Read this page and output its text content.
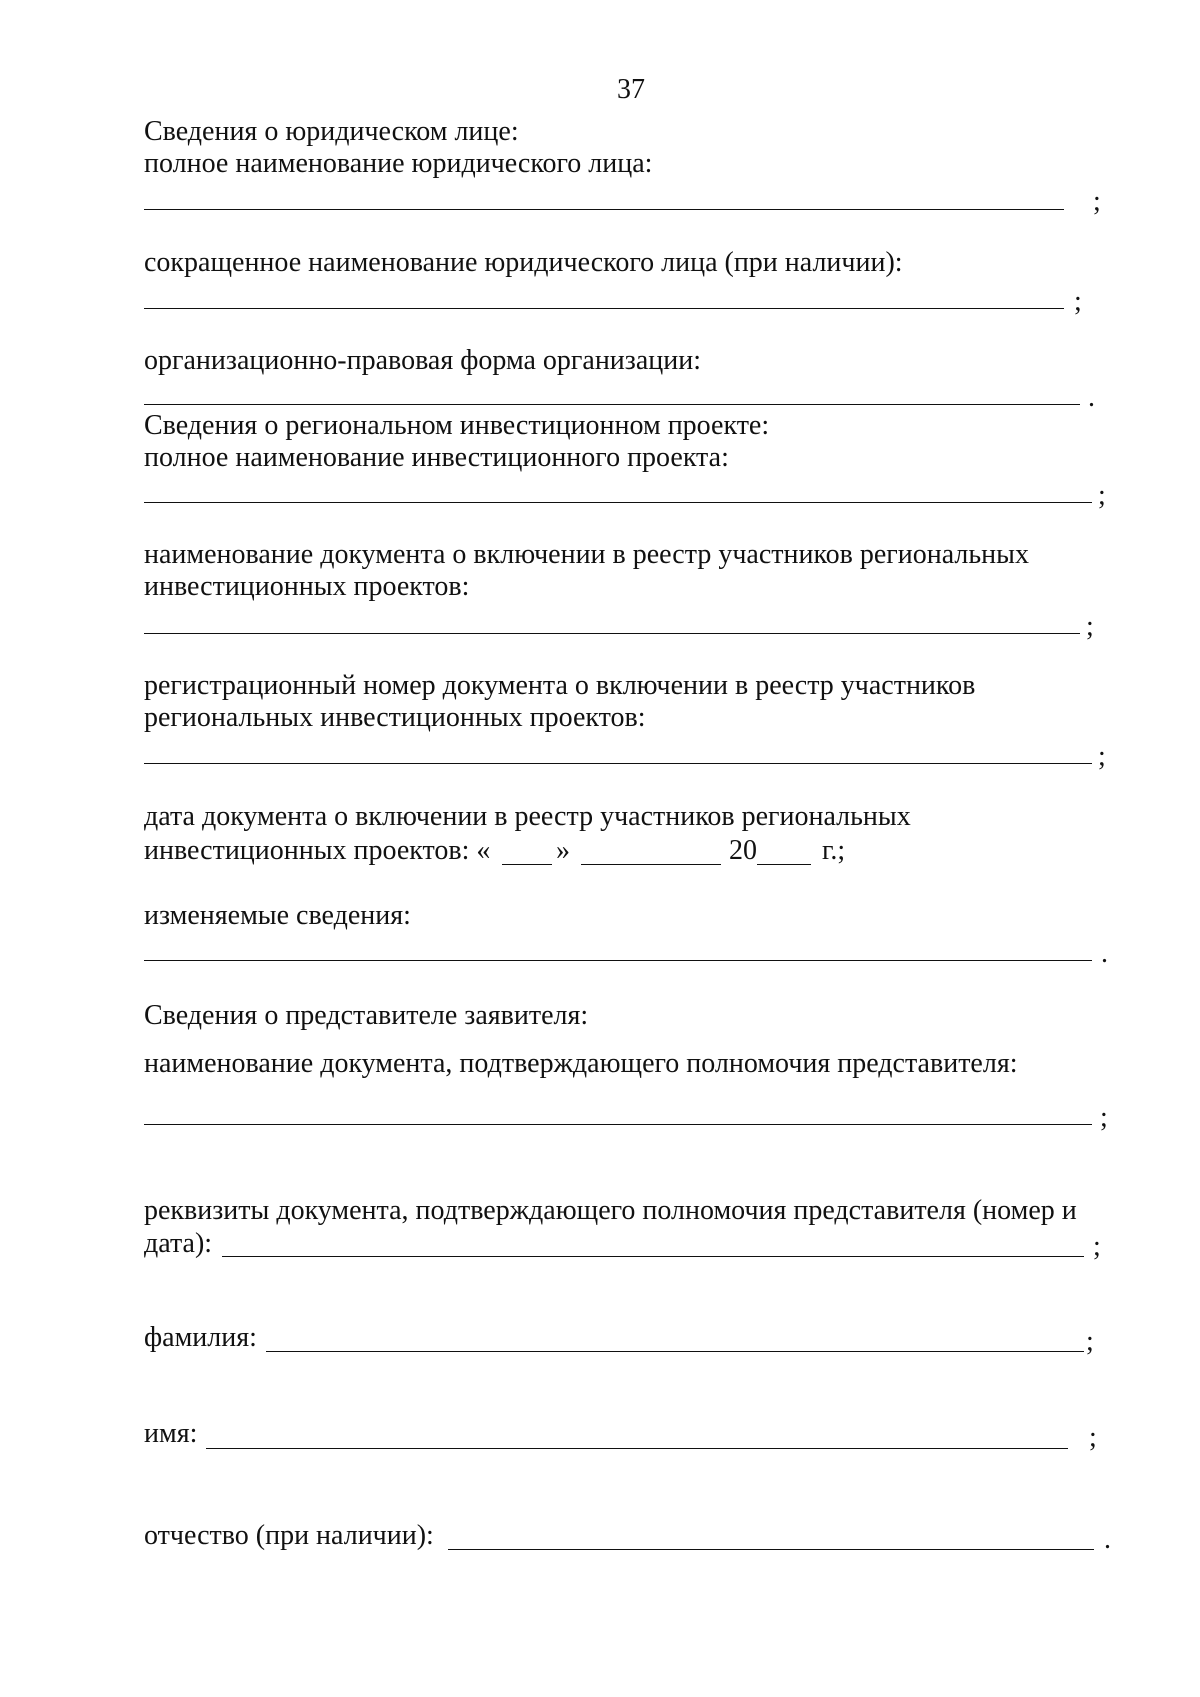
37
Сведения о юридическом лице:
полное наименование юридического лица:
;
сокращенное наименование юридического лица (при наличии):
;
организационно-правовая форма организации:
.
Сведения о региональном инвестиционном проекте:
полное наименование инвестиционного проекта:
;
наименование документа о включении в реестр участников региональных
инвестиционных проектов:
;
регистрационный номер документа о включении в реестр участников
региональных инвестиционных проектов:
;
дата документа о включении в реестр участников региональных
инвестиционных проектов: « »	20 г.;
изменяемые сведения:
.
Сведения о представителе заявителя:
наименование документа, подтверждающего полномочия представителя:
;
реквизиты документа, подтверждающего полномочия представителя (номер и
дата):	;
фамилия:	;
имя:	;
отчество (при наличии):	.
